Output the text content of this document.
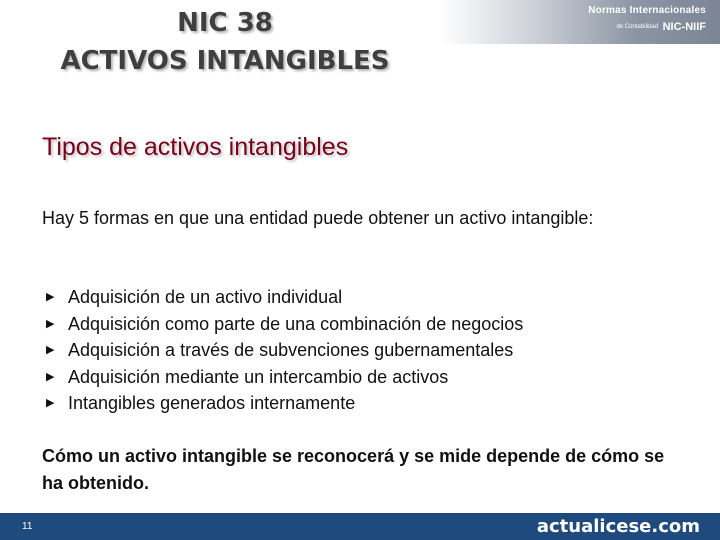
NIC 38
ACTIVOS INTANGIBLES
Normas Internacionales
de Contabilidad NIC-NIIF
Tipos de activos intangibles
Hay 5 formas en que una entidad puede obtener un activo intangible:
▶ Adquisición de un activo individual
▶ Adquisición como parte de una combinación de negocios
▶ Adquisición a través de subvenciones gubernamentales
▶ Adquisición mediante un intercambio de activos
▶ Intangibles generados internamente
Cómo un activo intangible se reconocerá y se mide depende de cómo se ha obtenido.
11	actualicese.com
